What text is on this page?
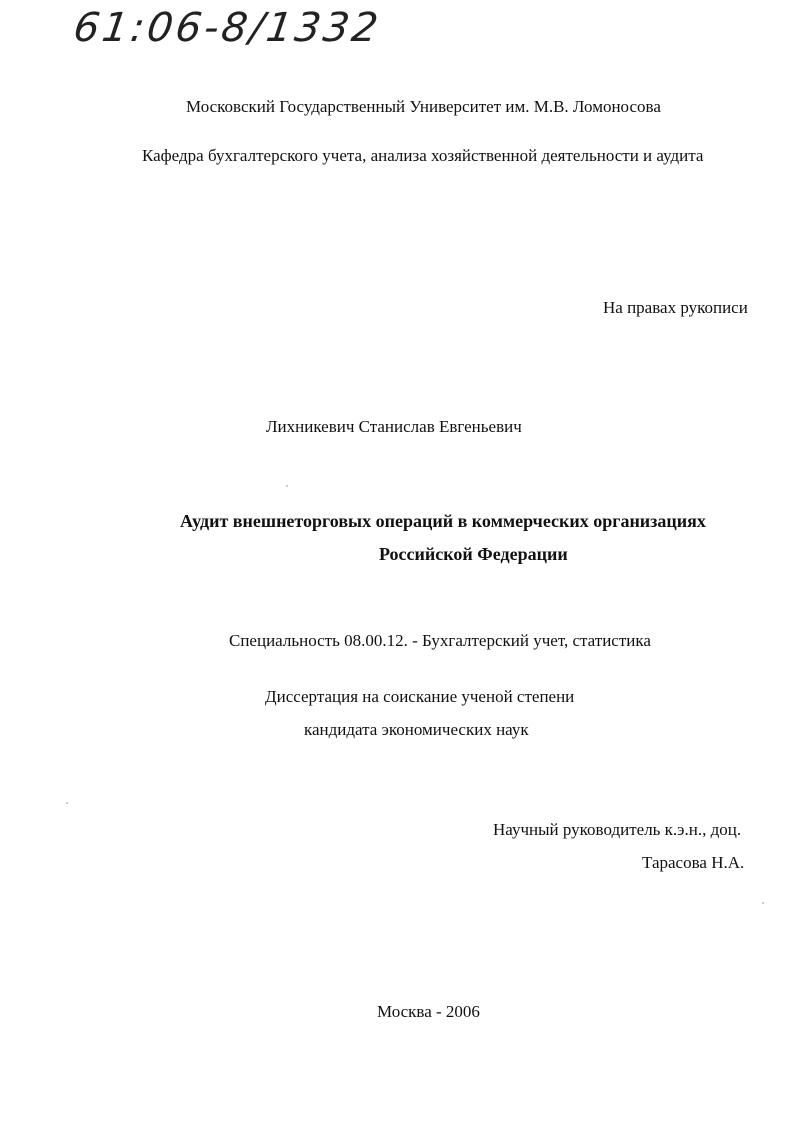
61:06-8/1332
Московский Государственный Университет им. М.В. Ломоносова
Кафедра бухгалтерского учета, анализа хозяйственной деятельности и аудита
На правах рукописи
Лихникевич Станислав Евгеньевич
Аудит внешнеторговых операций в коммерческих организациях
Российской Федерации
Специальность 08.00.12. - Бухгалтерский учет, статистика
Диссертация на соискание ученой степени
кандидата экономических наук
Научный руководитель к.э.н., доц.
Тарасова Н.А.
Москва - 2006
